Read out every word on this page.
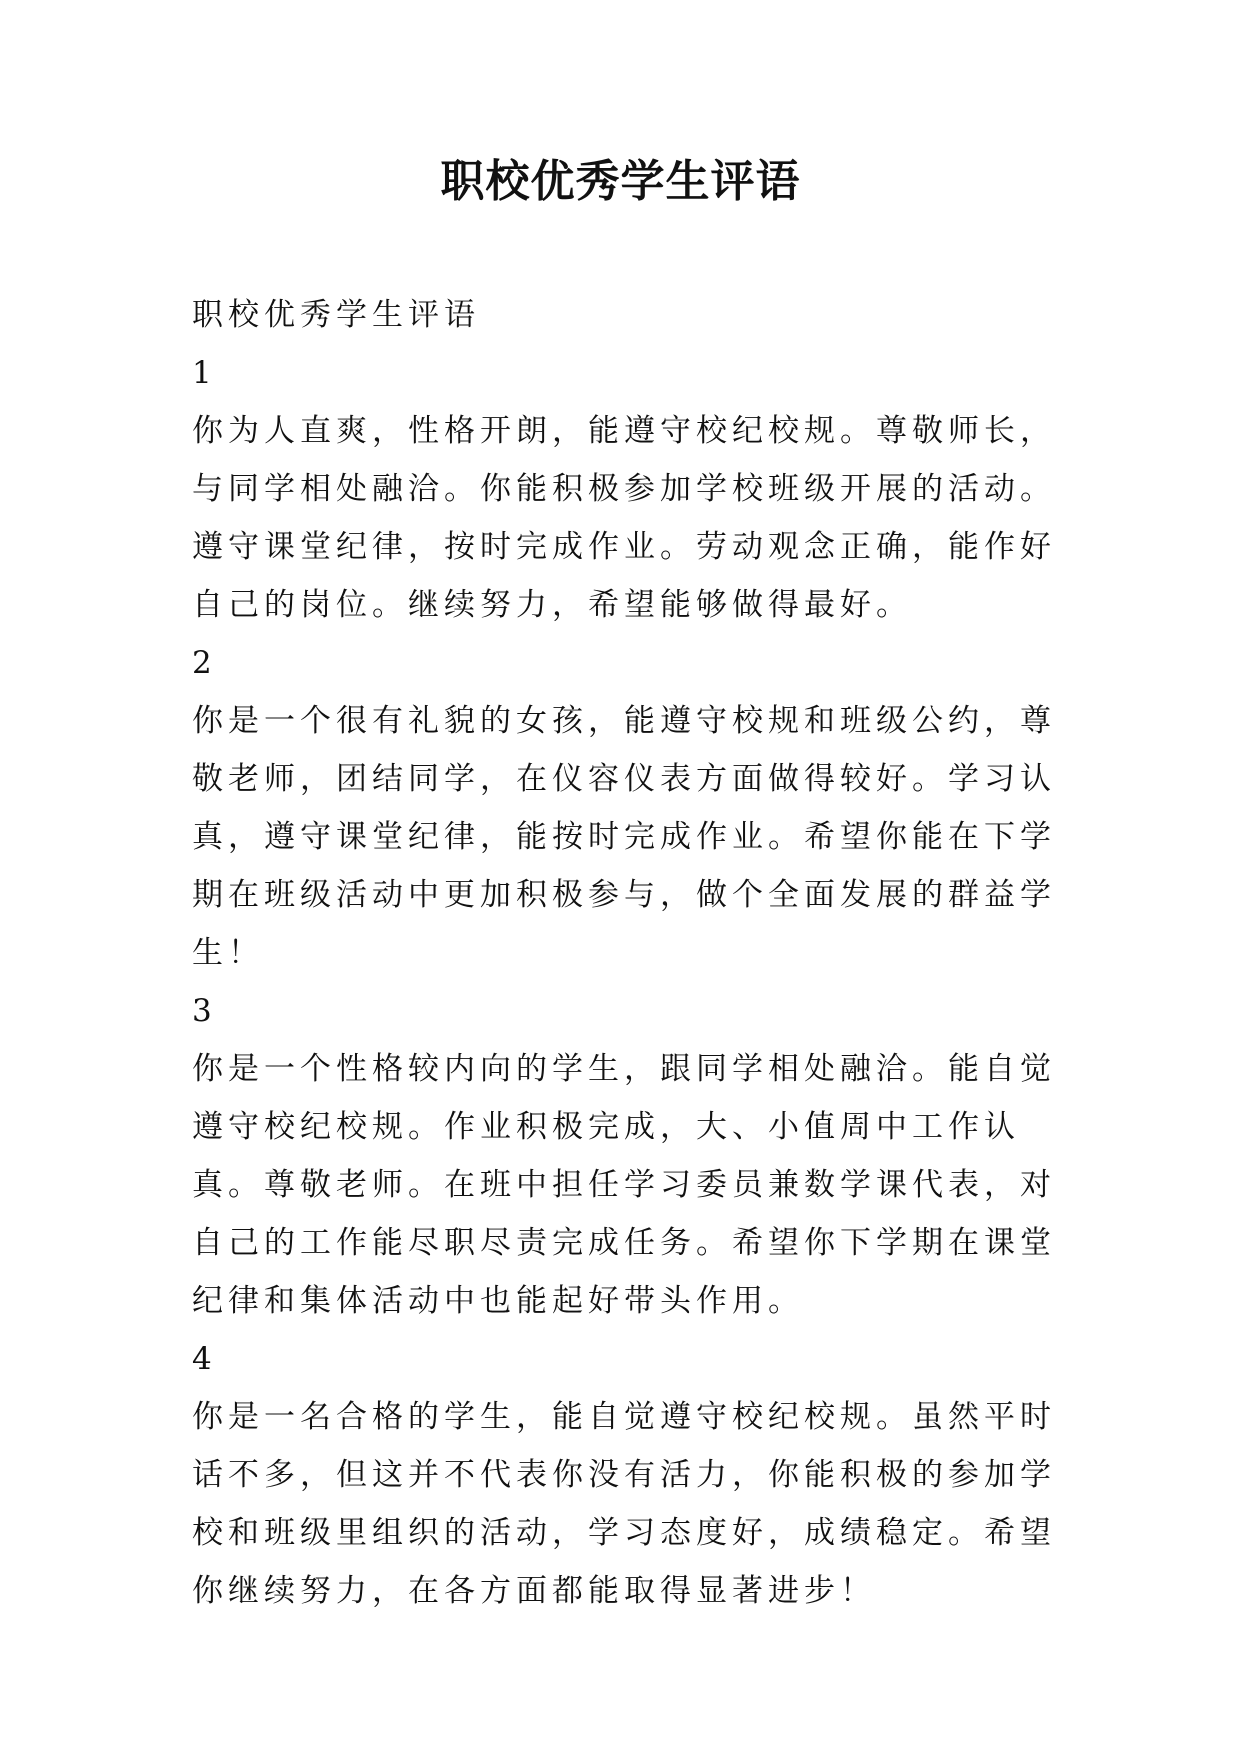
职校优秀学生评语

职校优秀学生评语

1

你为人直爽，性格开朗，能遵守校纪校规。尊敬师长，与同学相处融洽。你能积极参加学校班级开展的活动。遵守课堂纪律，按时完成作业。劳动观念正确，能作好自己的岗位。继续努力，希望能够做得最好。

2

你是一个很有礼貌的女孩，能遵守校规和班级公约，尊敬老师，团结同学，在仪容仪表方面做得较好。学习认真，遵守课堂纪律，能按时完成作业。希望你能在下学期在班级活动中更加积极参与，做个全面发展的群益学生！

3

你是一个性格较内向的学生，跟同学相处融洽。能自觉遵守校纪校规。作业积极完成，大、小值周中工作认真。尊敬老师。在班中担任学习委员兼数学课代表，对自己的工作能尽职尽责完成任务。希望你下学期在课堂纪律和集体活动中也能起好带头作用。

4

你是一名合格的学生，能自觉遵守校纪校规。虽然平时话不多，但这并不代表你没有活力，你能积极的参加学校和班级里组织的活动，学习态度好，成绩稳定。希望你继续努力，在各方面都能取得显著进步！
